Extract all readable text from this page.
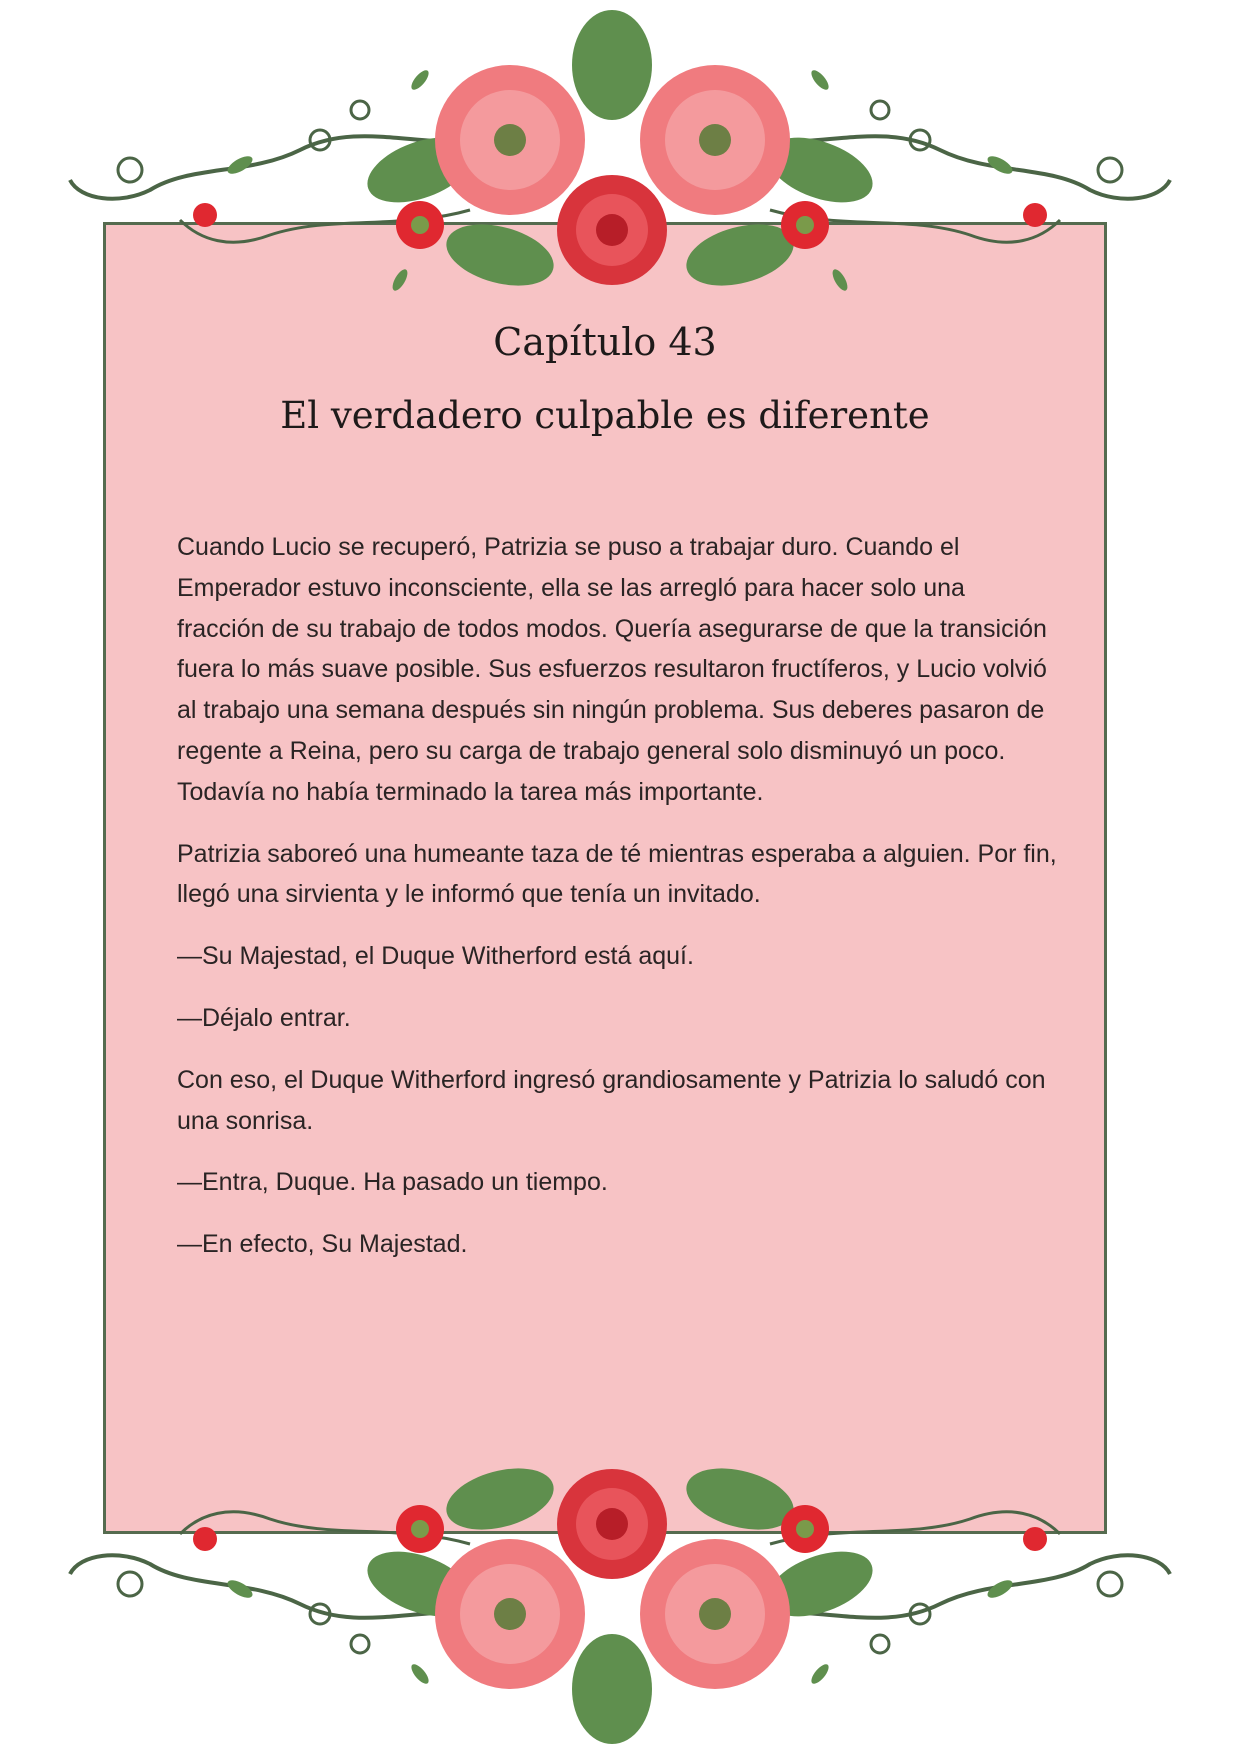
Capítulo 43
El verdadero culpable es diferente

Cuando Lucio se recuperó, Patrizia se puso a trabajar duro. Cuando el Emperador estuvo inconsciente, ella se las arregló para hacer solo una fracción de su trabajo de todos modos. Quería asegurarse de que la transición fuera lo más suave posible. Sus esfuerzos resultaron fructíferos, y Lucio volvió al trabajo una semana después sin ningún problema. Sus deberes pasaron de regente a Reina, pero su carga de trabajo general solo disminuyó un poco. Todavía no había terminado la tarea más importante.

Patrizia saboreó una humeante taza de té mientras esperaba a alguien. Por fin, llegó una sirvienta y le informó que tenía un invitado.

—Su Majestad, el Duque Witherford está aquí.

—Déjalo entrar.

Con eso, el Duque Witherford ingresó grandiosamente y Patrizia lo saludó con una sonrisa.

—Entra, Duque. Ha pasado un tiempo.

—En efecto, Su Majestad.
